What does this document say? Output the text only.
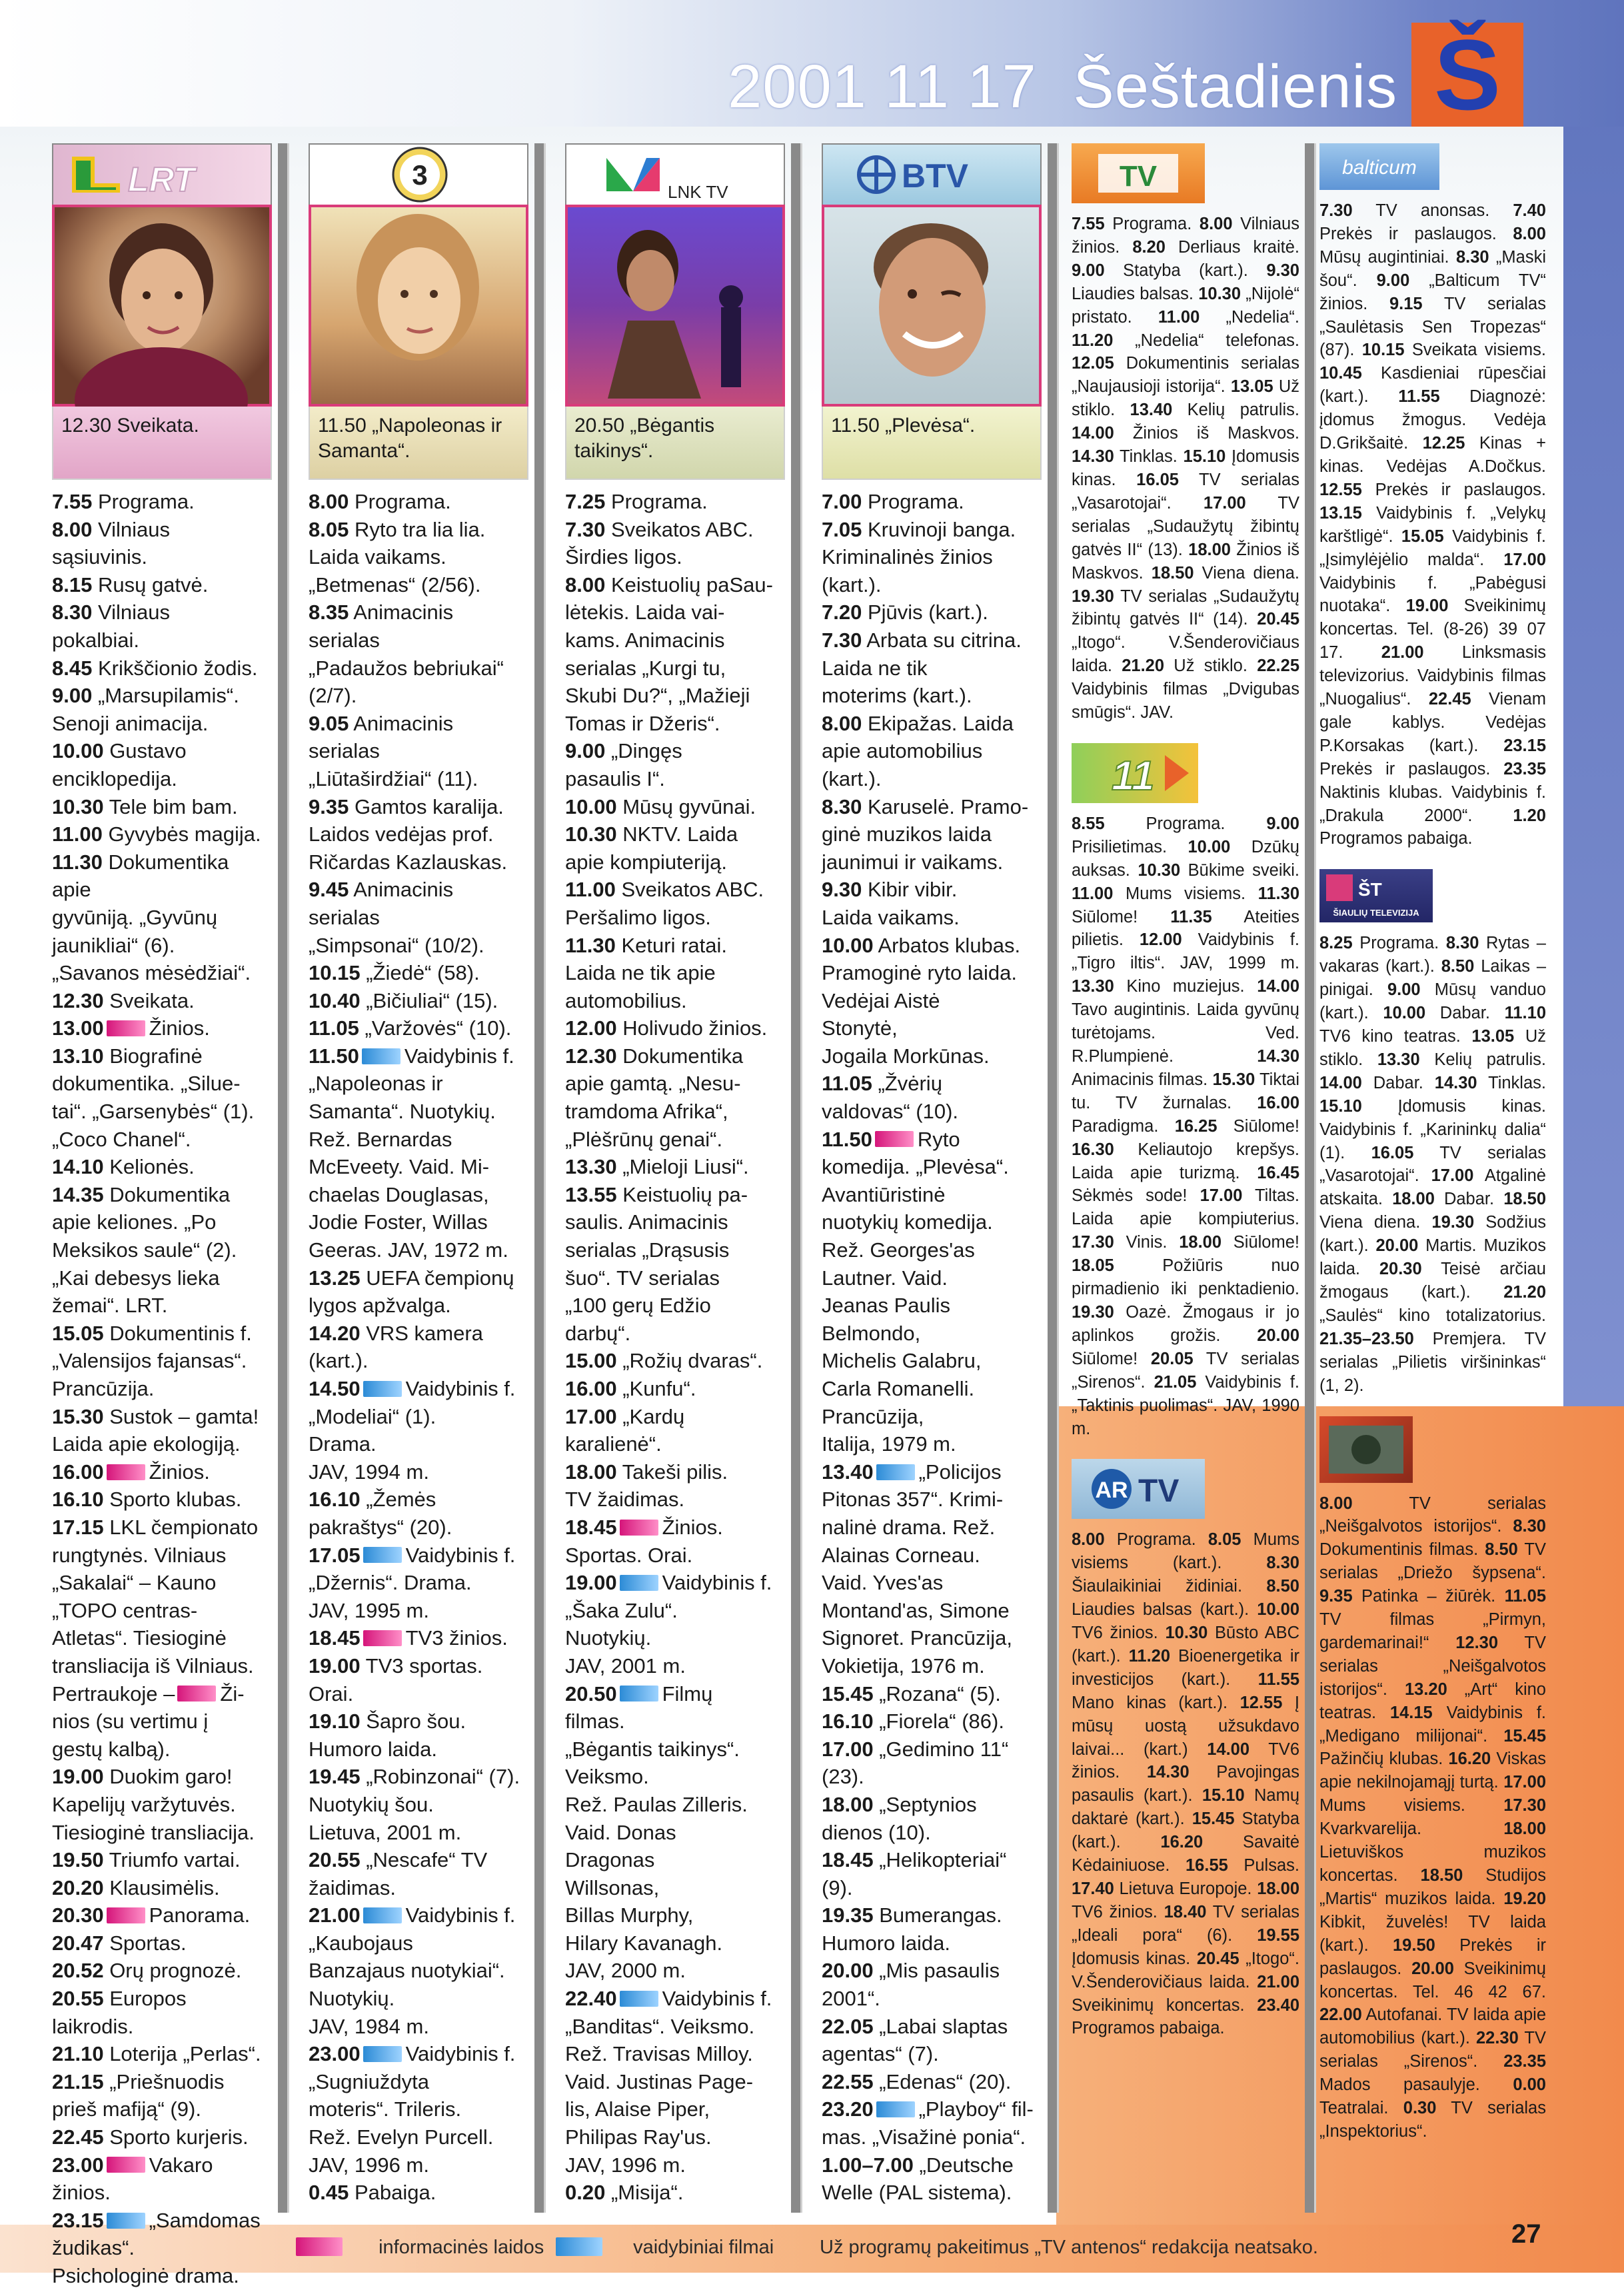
2001 11 17 Šeštadienis Š
LRT
12.30 Sveikata.

7.55 Programa.

8.00 Vilniaus
sąsiuvinis.

8.15 Rusų gatvė.

8.30 Vilniaus
pokalbiai.

8.45 Krikščionio žodis.

9.00 „Marsupilamis“.
Senoji animacija.

10.00 Gustavo
enciklopedija.

10.30 Tele bim bam.

11.00 Gyvybės magija.

11.30 Dokumentika apie
gyvūniją. „Gyvūnų
jaunikliai“ (6).
„Savanos mėsėdžiai“.

12.30 Sveikata.

13.00 Žinios.

13.10 Biografinė
dokumentika. „Siluе-
tai“. „Garsenybės“ (1).
„Coco Chanel“.

14.10 Kelionės.

14.35 Dokumentika
apie keliones. „Po
Meksikos saule“ (2).
„Kai debesys lieka
žemai“. LRT.

15.05 Dokumentinis f.
„Valensijos fajansas“.
Prancūzija.

15.30 Sustok – gamta!
Laida apie ekologiją.

16.00 Žinios.

16.10 Sporto klubas.

17.15 LKL čempionato
rungtynės. Vilniaus
„Sakalai“ – Kauno
„TOPO centras-
Atletas“. Tiesioginė
transliacija iš Vilniaus.
Pertraukoje – Ži-
nios (su vertimu į
gestų kalbą).

19.00 Duokim garo!
Kapelijų varžytuvės.
Tiesioginė transliacija.

19.50 Triumfo vartai.

20.20 Klausimėlis.

20.30 Panorama.

20.47 Sportas.

20.52 Orų prognozė.

20.55 Europos laikrodis.

21.10 Loterija „Perlas“.

21.15 „Priešnuodis
prieš mafiją“ (9).

22.45 Sporto kurjeris.

23.00 Vakaro žinios.

23.15 „Samdomas
žudikas“.
Psichologinė drama.

3
11.50 „Napoleonas ir
Samanta“.

8.00 Programa.

8.05 Ryto tra lia lia.
Laida vaikams.
„Betmenas“ (2/56).

8.35 Animacinis
serialas
„Padaužos bebriukai“
(2/7).

9.05 Animacinis
serialas
„Liūtaširdžiai“ (11).

9.35 Gamtos karalija.
Laidos vedėjas prof.
Ričardas Kazlauskas.

9.45 Animacinis
serialas
„Simpsonai“ (10/2).

10.15 „Žiedė“ (58).

10.40 „Bičiuliai“ (15).

11.05 „Varžovės“ (10).

11.50 Vaidybinis f.
„Napoleonas ir
Samanta“. Nuotykių.
Rež. Bernardas
McEveety. Vaid. Mi-
chaelas Douglasas,
Jodie Foster, Willas
Geeras. JAV, 1972 m.

13.25 UEFA čempionų
lygos apžvalga.

14.20 VRS kamera
(kart.).

14.50 Vaidybinis f.
„Modeliai“ (1).
Drama.
JAV, 1994 m.

16.10 „Žemės
pakraštys“ (20).

17.05 Vaidybinis f.
„Džernis“. Drama.
JAV, 1995 m.

18.45 TV3 žinios.

19.00 TV3 sportas.
Orai.

19.10 Šapro šou.
Humoro laida.

19.45 „Robinzonai“ (7).
Nuotykių šou.
Lietuva, 2001 m.

20.55 „Nescafe“ TV
žaidimas.

21.00 Vaidybinis f.
„Kaubojaus
Banzajaus nuotykiai“.
Nuotykių.
JAV, 1984 m.

23.00 Vaidybinis f.
„Sugniuždyta
moteris“. Trileris.
Rež. Evelyn Purcell.
JAV, 1996 m.

0.45 Pabaiga.

LNK TV
20.50 „Bėgantis
taikinys“.

7.25 Programa.

7.30 Sveikatos ABC.
Širdies ligos.

8.00 Keistuolių paSau-
lėtekis. Laida vai-
kams. Animacinis
serialas „Kurgi tu,
Skubi Du?“, „Mažieji
Tomas ir Džeris“.

9.00 „Dingęs
pasaulis I“.

10.00 Mūsų gyvūnai.

10.30 NKTV. Laida
apie kompiuteriją.

11.00 Sveikatos ABC.
Peršalimo ligos.

11.30 Keturi ratai.
Laida ne tik apie
automobilius.

12.00 Holivudo žinios.

12.30 Dokumentika
apie gamtą. „Nesu-
tramdoma Afrika“,
„Plėšrūnų genai“.

13.30 „Mieloji Liusi“.

13.55 Keistuolių pa-
saulis. Animacinis
serialas „Drąsusis
šuo“. TV serialas
„100 gerų Edžio
darbų“.

15.00 „Rožių dvaras“.

16.00 „Kunfu“.

17.00 „Kardų
karalienė“.

18.00 Takeši pilis.
TV žaidimas.

18.45 Žinios.
Sportas. Orai.

19.00 Vaidybinis f.
„Šaka Zulu“.
Nuotykių.
JAV, 2001 m.

20.50 Filmų
filmas.
„Bėgantis taikinys“.
Veiksmo.
Rež. Paulas Zilleris.
Vaid. Donas
Dragonas
Willsonas,
Billas Murphy,
Hilary Kavanagh.
JAV, 2000 m.

22.40 Vaidybinis f.
„Banditas“. Veiksmo.
Rež. Travisas Milloy.
Vaid. Justinas Page-
lis, Alaise Piper,
Philipas Ray'us.
JAV, 1996 m.

0.20 „Misija“.

BTV
11.50 „Plevėsa“.

7.00 Programa.

7.05 Kruvinoji banga.
Kriminalinės žinios
(kart.).

7.20 Pjūvis (kart.).

7.30 Arbata su citrina.
Laida ne tik
moterims (kart.).

8.00 Ekipažas. Laida
apie automobilius
(kart.).

8.30 Karuselė. Pramo-
ginė muzikos laida
jaunimui ir vaikams.

9.30 Kibir vibir.
Laida vaikams.

10.00 Arbatos klubas.
Pramoginė ryto laida.
Vedėjai Aistė
Stonytė,
Jogaila Morkūnas.

11.05 „Žvėrių
valdovas“ (10).

11.50 Ryto
komedija. „Plevėsa“.
Avantiūristinė
nuotykių komedija.
Rež. Georges'as
Lautner. Vaid.
Jeanas Paulis
Belmondo,
Michelis Galabru,
Carla Romanelli.
Prancūzija,
Italija, 1979 m.

13.40 „Policijos
Pitonas 357“. Krimi-
nalinė drama. Rež.
Alainas Corneau.
Vaid. Yves'as
Montand'as, Simone
Signoret. Prancūzija,
Vokietija, 1976 m.

15.45 „Rozana“ (5).

16.10 „Fiorela“ (86).

17.00 „Gedimino 11“
(23).

18.00 „Septynios
dienos (10).

18.45 „Helikopteriai“
(9).

19.35 Bumerangas.
Humoro laida.

20.00 „Mis pasaulis
2001“.

22.05 „Labai slaptas
agentas“ (7).

22.55 „Edenas“ (20).

23.20 „Playboy“ fil-
mas. „Visažinė ponia“.

1.00–7.00 „Deutsche
Welle (PAL sistema).

TV

7.55 Programa. 8.00 Vilniaus žinios. 8.20 Derliaus kraitė. 9.00 Statyba (kart.). 9.30 Liaudies balsas. 10.30 „Nijolė“ pristato. 11.00 „Nedelia“. 11.20 „Nedelia“ telefonas. 12.05 Dokumentinis serialas „Naujausioji istorija“. 13.05 Už stiklo. 13.40 Kelių patrulis. 14.00 Žinios iš Maskvos. 14.30 Tinklas. 15.10 Įdomusis kinas. 16.05 TV serialas „Vasarotojai“. 17.00 TV serialas „Sudaužytų žibintų gatvės II“ (13). 18.00 Žinios iš Maskvos. 18.50 Viena diena. 19.30 TV serialas „Sudaužytų žibintų gatvės II“ (14). 20.45 „Itogo“. V.Šenderovičiaus laida. 21.20 Už stiklo. 22.25 Vaidybinis filmas „Dvigubas smūgis“. JAV.

11

8.55 Programa. 9.00 Prisilietimas. 10.00 Dzūkų auksas. 10.30 Būkime sveiki. 11.00 Mums visiems. 11.30 Siūlome! 11.35 Ateities pilietis. 12.00 Vaidybinis f. „Tigro iltis“. JAV, 1999 m. 13.30 Kino muziejus. 14.00 Tavo augintinis. Laida gyvūnų turėtojams. Ved. R.Plumpienė. 14.30 Animacinis filmas. 15.30 Tiktai tu. TV žurnalas. 16.00 Paradigma. 16.25 Siūlome! 16.30 Keliautojo krepšys. Laida apie turizmą. 16.45 Sėkmės sode! 17.00 Tiltas. Laida apie kompiuterius. 17.30 Vinis. 18.00 Siūlome! 18.05 Požiūris nuo pirmadienio iki penktadienio. 19.30 Oazė. Žmogaus ir jo aplinkos grožis. 20.00 Siūlome! 20.05 TV serialas „Sirenos“. 21.05 Vaidybinis f. „Taktinis puolimas“. JAV, 1990 m.

AR TV

8.00 Programa. 8.05 Mums visiems (kart.). 8.30 Šiaulaikiniai židiniai. 8.50 Liaudies balsas (kart.). 10.00 TV6 žinios. 10.30 Būsto ABC (kart.). 11.20 Bioenergetika ir investicijos (kart.). 11.55 Mano kinas (kart.). 12.55 Į mūsų uostą užsukdavo laivai... (kart.) 14.00 TV6 žinios. 14.30 Pavojingas pasaulis (kart.). 15.10 Namų daktarė (kart.). 15.45 Statyba (kart.). 16.20 Savaitė Kėdainiuose. 16.55 Pulsas. 17.40 Lietuva Europoje. 18.00 TV6 žinios. 18.40 TV serialas „Ideali pora“ (6). 19.55 Įdomusis kinas. 20.45 „Itogo“. V.Šenderovičiaus laida. 21.00 Sveikinimų koncertas. 23.40 Programos pabaiga.

balticum

7.30 TV anonsas. 7.40 Prekės ir paslaugos. 8.00 Mūsų augintiniai. 8.30 „Maski šou“. 9.00 „Balticum TV“ žinios. 9.15 TV serialas „Saulėtasis Sen Tropezas“ (87). 10.15 Sveikata visiems. 10.45 Kasdieniai rūpesčiai (kart.). 11.55 Diagnozė: įdomus žmogus. Vedėja D.Grikšaitė. 12.25 Kinas + kinas. Vedėjas A.Dočkus. 12.55 Prekės ir paslaugos. 13.15 Vaidybinis f. „Velykų karštligė“. 15.05 Vaidybinis f. „Įsimylėjėlio malda“. 17.00 Vaidybinis f. „Pabėgusi nuotaka“. 19.00 Sveikinimų koncertas. Tel. (8-26) 39 07 17. 21.00 Linksmasis televizorius. Vaidybinis filmas „Nuogalius“. 22.45 Vienam gale kablys. Vedėjas P.Korsakas (kart.). 23.15 Prekės ir paslaugos. 23.35 Naktinis klubas. Vaidybinis f. „Drakula 2000“. 1.20 Programos pabaiga.

ŠT
ŠIAULIŲ TELEVIZIJA

8.25 Programa. 8.30 Rytas – vakaras (kart.). 8.50 Laikas – pinigai. 9.00 Mūsų vanduo (kart.). 10.00 Dabar. 11.10 TV6 kino teatras. 13.05 Už stiklo. 13.30 Kelių patrulis. 14.00 Dabar. 14.30 Tinklas. 15.10 Įdomusis kinas. Vaidybinis f. „Karininkų dalia“ (1). 16.05 TV serialas „Vasarotojai“. 17.00 Atgalinė atskaita. 18.00 Dabar. 18.50 Viena diena. 19.30 Sodžius (kart.). 20.00 Martis. Muzikos laida. 20.30 Teisė arčiau žmogaus (kart.). 21.20 „Saulės“ kino totalizatorius. 21.35–23.50 Premjera. TV serialas „Pilietis viršininkas“ (1, 2).

8.00 TV serialas „Neišgalvotos istorijos“. 8.30 Dokumentinis filmas. 8.50 TV serialas „Driežo šypsena“. 9.35 Patinka – žiūrėk. 11.05 TV filmas „Pirmyn, gardemarinai!“ 12.30 TV serialas „Neišgalvotos istorijos“. 13.20 „Art“ kino teatras. 14.15 Vaidybinis f. „Medigano milijonai“. 15.45 Pažinčių klubas. 16.20 Viskas apie nekilnojamąjį turtą. 17.00 Mums visiems. 17.30 Kvarkvarelija. 18.00 Lietuviškos muzikos koncertas. 18.50 Studijos „Martis“ muzikos laida. 19.20 Kibkit, žuvelės! TV laida (kart.). 19.50 Prekės ir paslaugos. 20.00 Sveikinimų koncertas. Tel. 46 42 67. 22.00 Autofanai. TV laida apie automobilius (kart.). 22.30 TV serialas „Sirenos“. 23.35 Mados pasaulyje. 0.00 Teatralai. 0.30 TV serialas „Inspektorius“.

informacinės laidos	vaidybiniai filmai Už programų pakeitimus „TV antenos“ redakcija neatsako.	27
